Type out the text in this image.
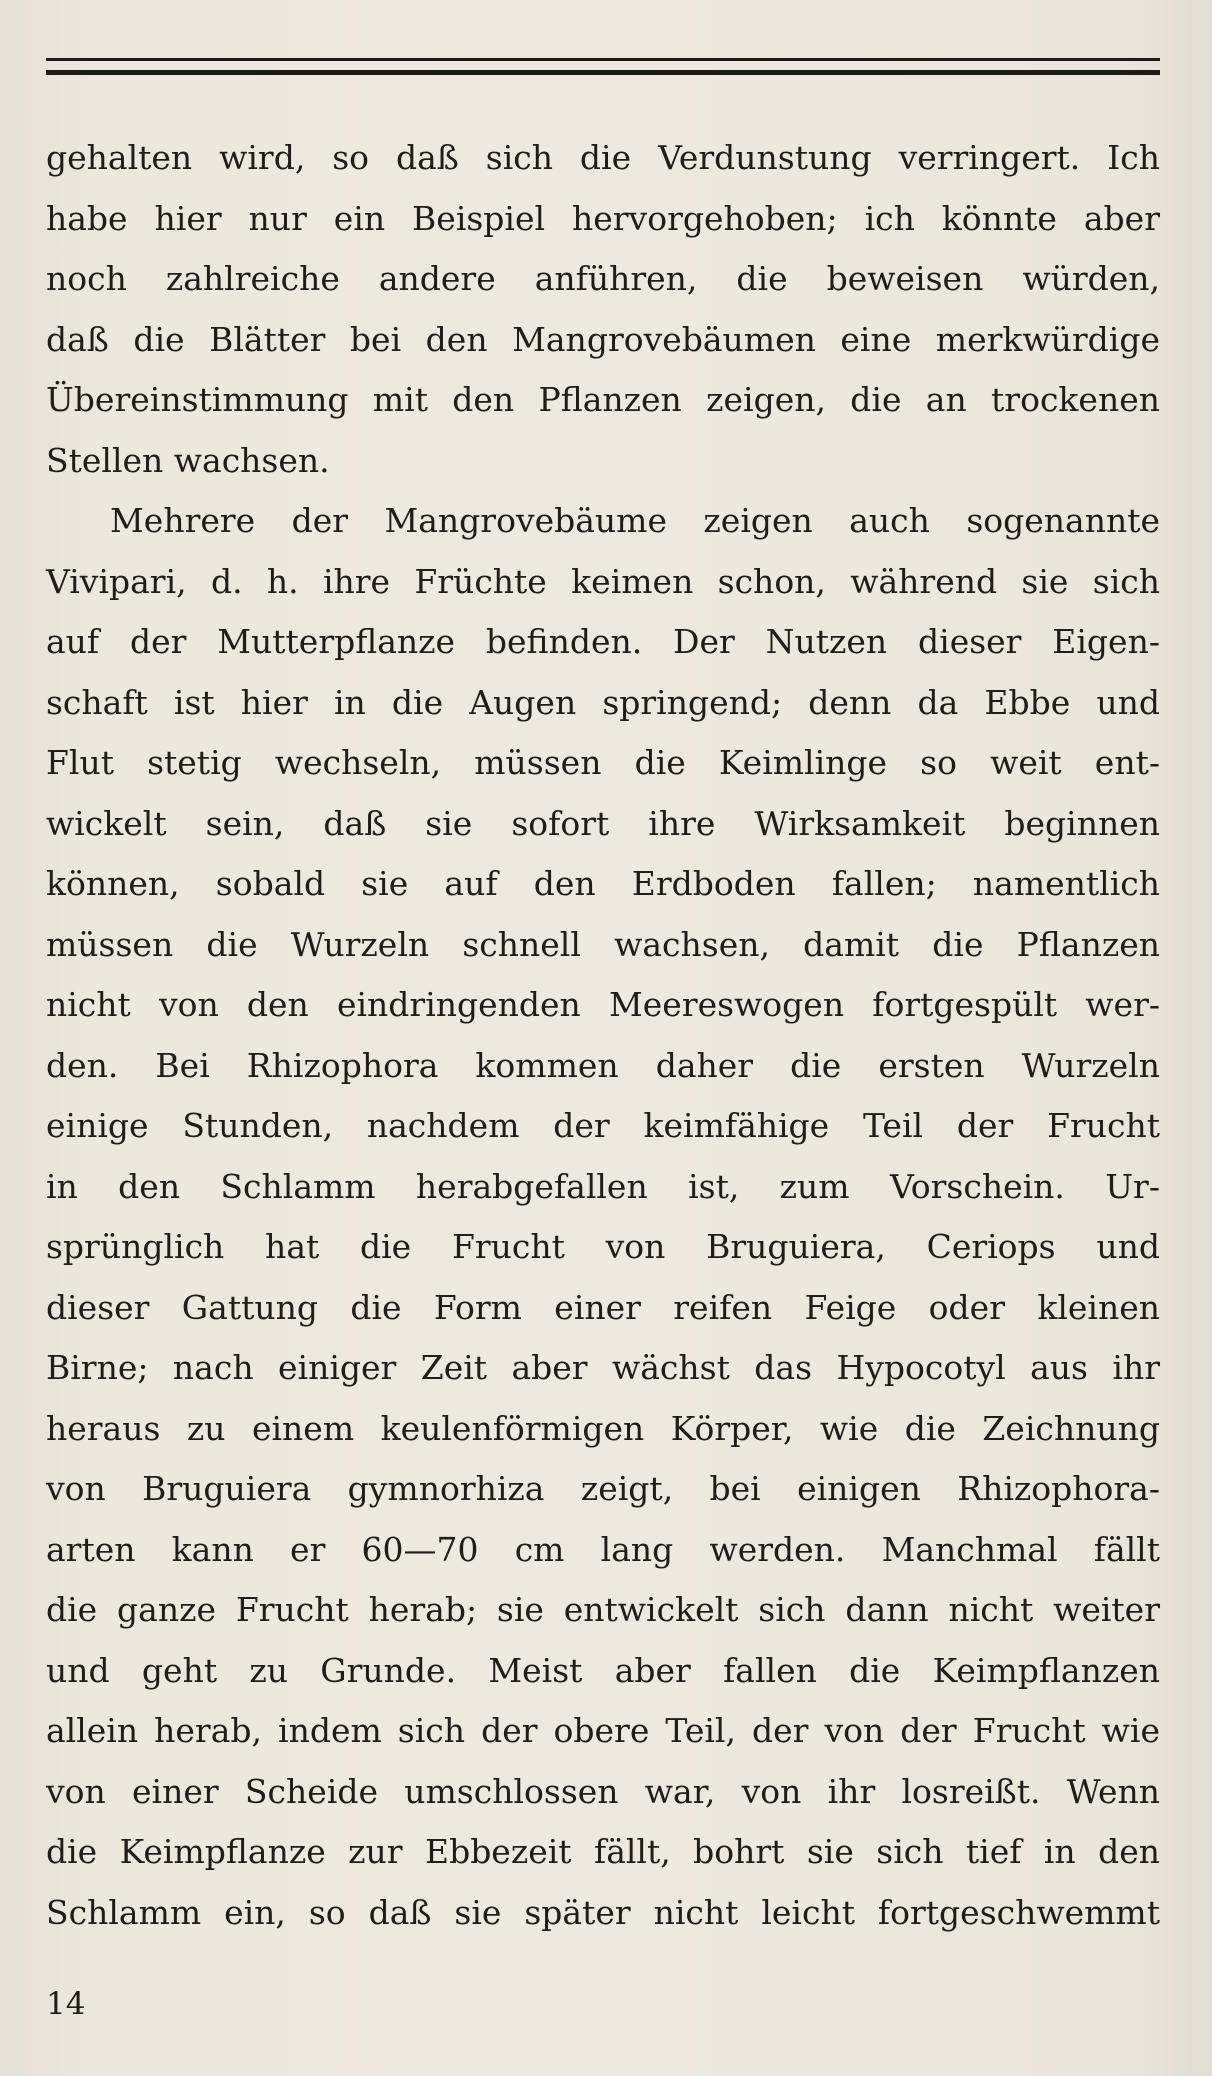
gehalten wird, so daß sich die Verdunstung verringert. Ich
habe hier nur ein Beispiel hervorgehoben; ich könnte aber
noch zahlreiche andere anführen, die beweisen würden,
daß die Blätter bei den Mangrovebäumen eine merkwürdige
Übereinstimmung mit den Pflanzen zeigen, die an trockenen
Stellen wachsen.
Mehrere der Mangrovebäume zeigen auch sogenannte
Vivipari, d. h. ihre Früchte keimen schon, während sie sich
auf der Mutterpflanze befinden. Der Nutzen dieser Eigen-
schaft ist hier in die Augen springend; denn da Ebbe und
Flut stetig wechseln, müssen die Keimlinge so weit ent-
wickelt sein, daß sie sofort ihre Wirksamkeit beginnen
können, sobald sie auf den Erdboden fallen; namentlich
müssen die Wurzeln schnell wachsen, damit die Pflanzen
nicht von den eindringenden Meereswogen fortgespült wer-
den. Bei Rhizophora kommen daher die ersten Wurzeln
einige Stunden, nachdem der keimfähige Teil der Frucht
in den Schlamm herabgefallen ist, zum Vorschein. Ur-
sprünglich hat die Frucht von Bruguiera, Ceriops und
dieser Gattung die Form einer reifen Feige oder kleinen
Birne; nach einiger Zeit aber wächst das Hypocotyl aus ihr
heraus zu einem keulenförmigen Körper, wie die Zeichnung
von Bruguiera gymnorhiza zeigt, bei einigen Rhizophora-
arten kann er 60—70 cm lang werden. Manchmal fällt
die ganze Frucht herab; sie entwickelt sich dann nicht weiter
und geht zu Grunde. Meist aber fallen die Keimpflanzen
allein herab, indem sich der obere Teil, der von der Frucht wie
von einer Scheide umschlossen war, von ihr losreißt. Wenn
die Keimpflanze zur Ebbezeit fällt, bohrt sie sich tief in den
Schlamm ein, so daß sie später nicht leicht fortgeschwemmt
14
